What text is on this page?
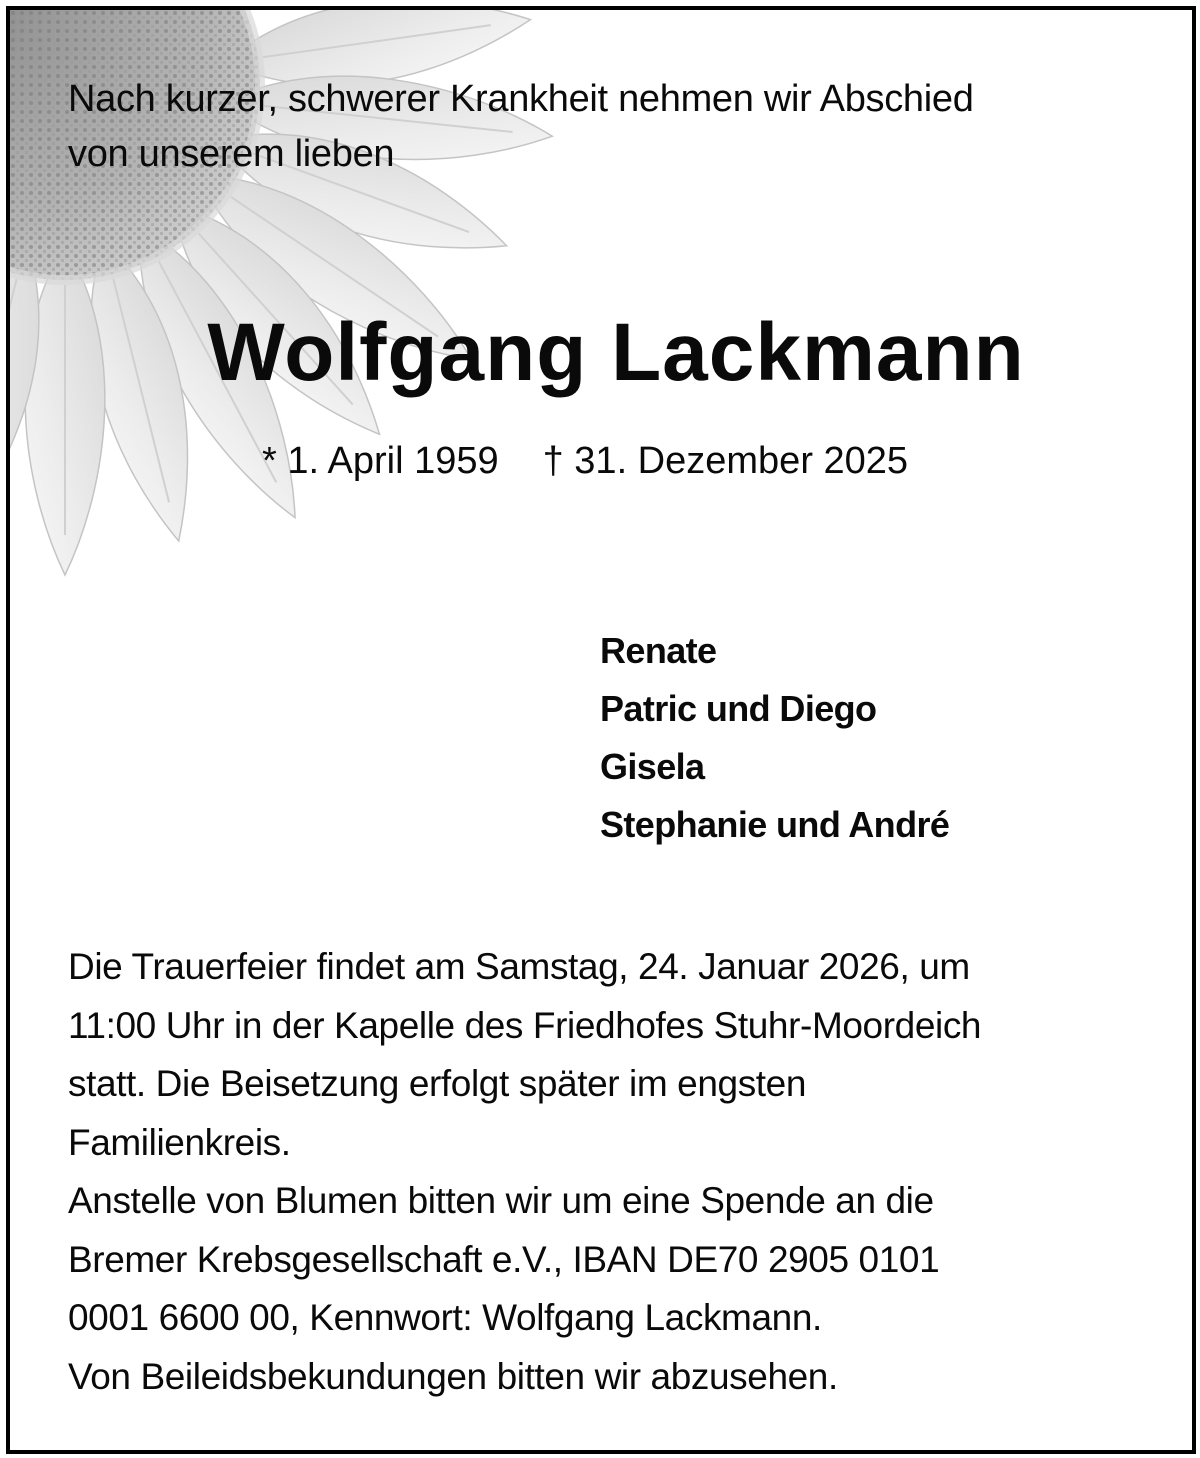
Nach kurzer, schwerer Krankheit nehmen wir Abschied
von unserem lieben
Wolfgang Lackmann
* 1. April 1959 † 31. Dezember 2025
Renate
Patric und Diego
Gisela
Stephanie und André
Die Trauerfeier findet am Samstag, 24. Januar 2026, um
11:00 Uhr in der Kapelle des Friedhofes Stuhr-Moordeich
statt. Die Beisetzung erfolgt später im engsten
Familienkreis.
Anstelle von Blumen bitten wir um eine Spende an die
Bremer Krebsgesellschaft e.V., IBAN DE70 2905 0101
0001 6600 00, Kennwort: Wolfgang Lackmann.
Von Beileidsbekundungen bitten wir abzusehen.
